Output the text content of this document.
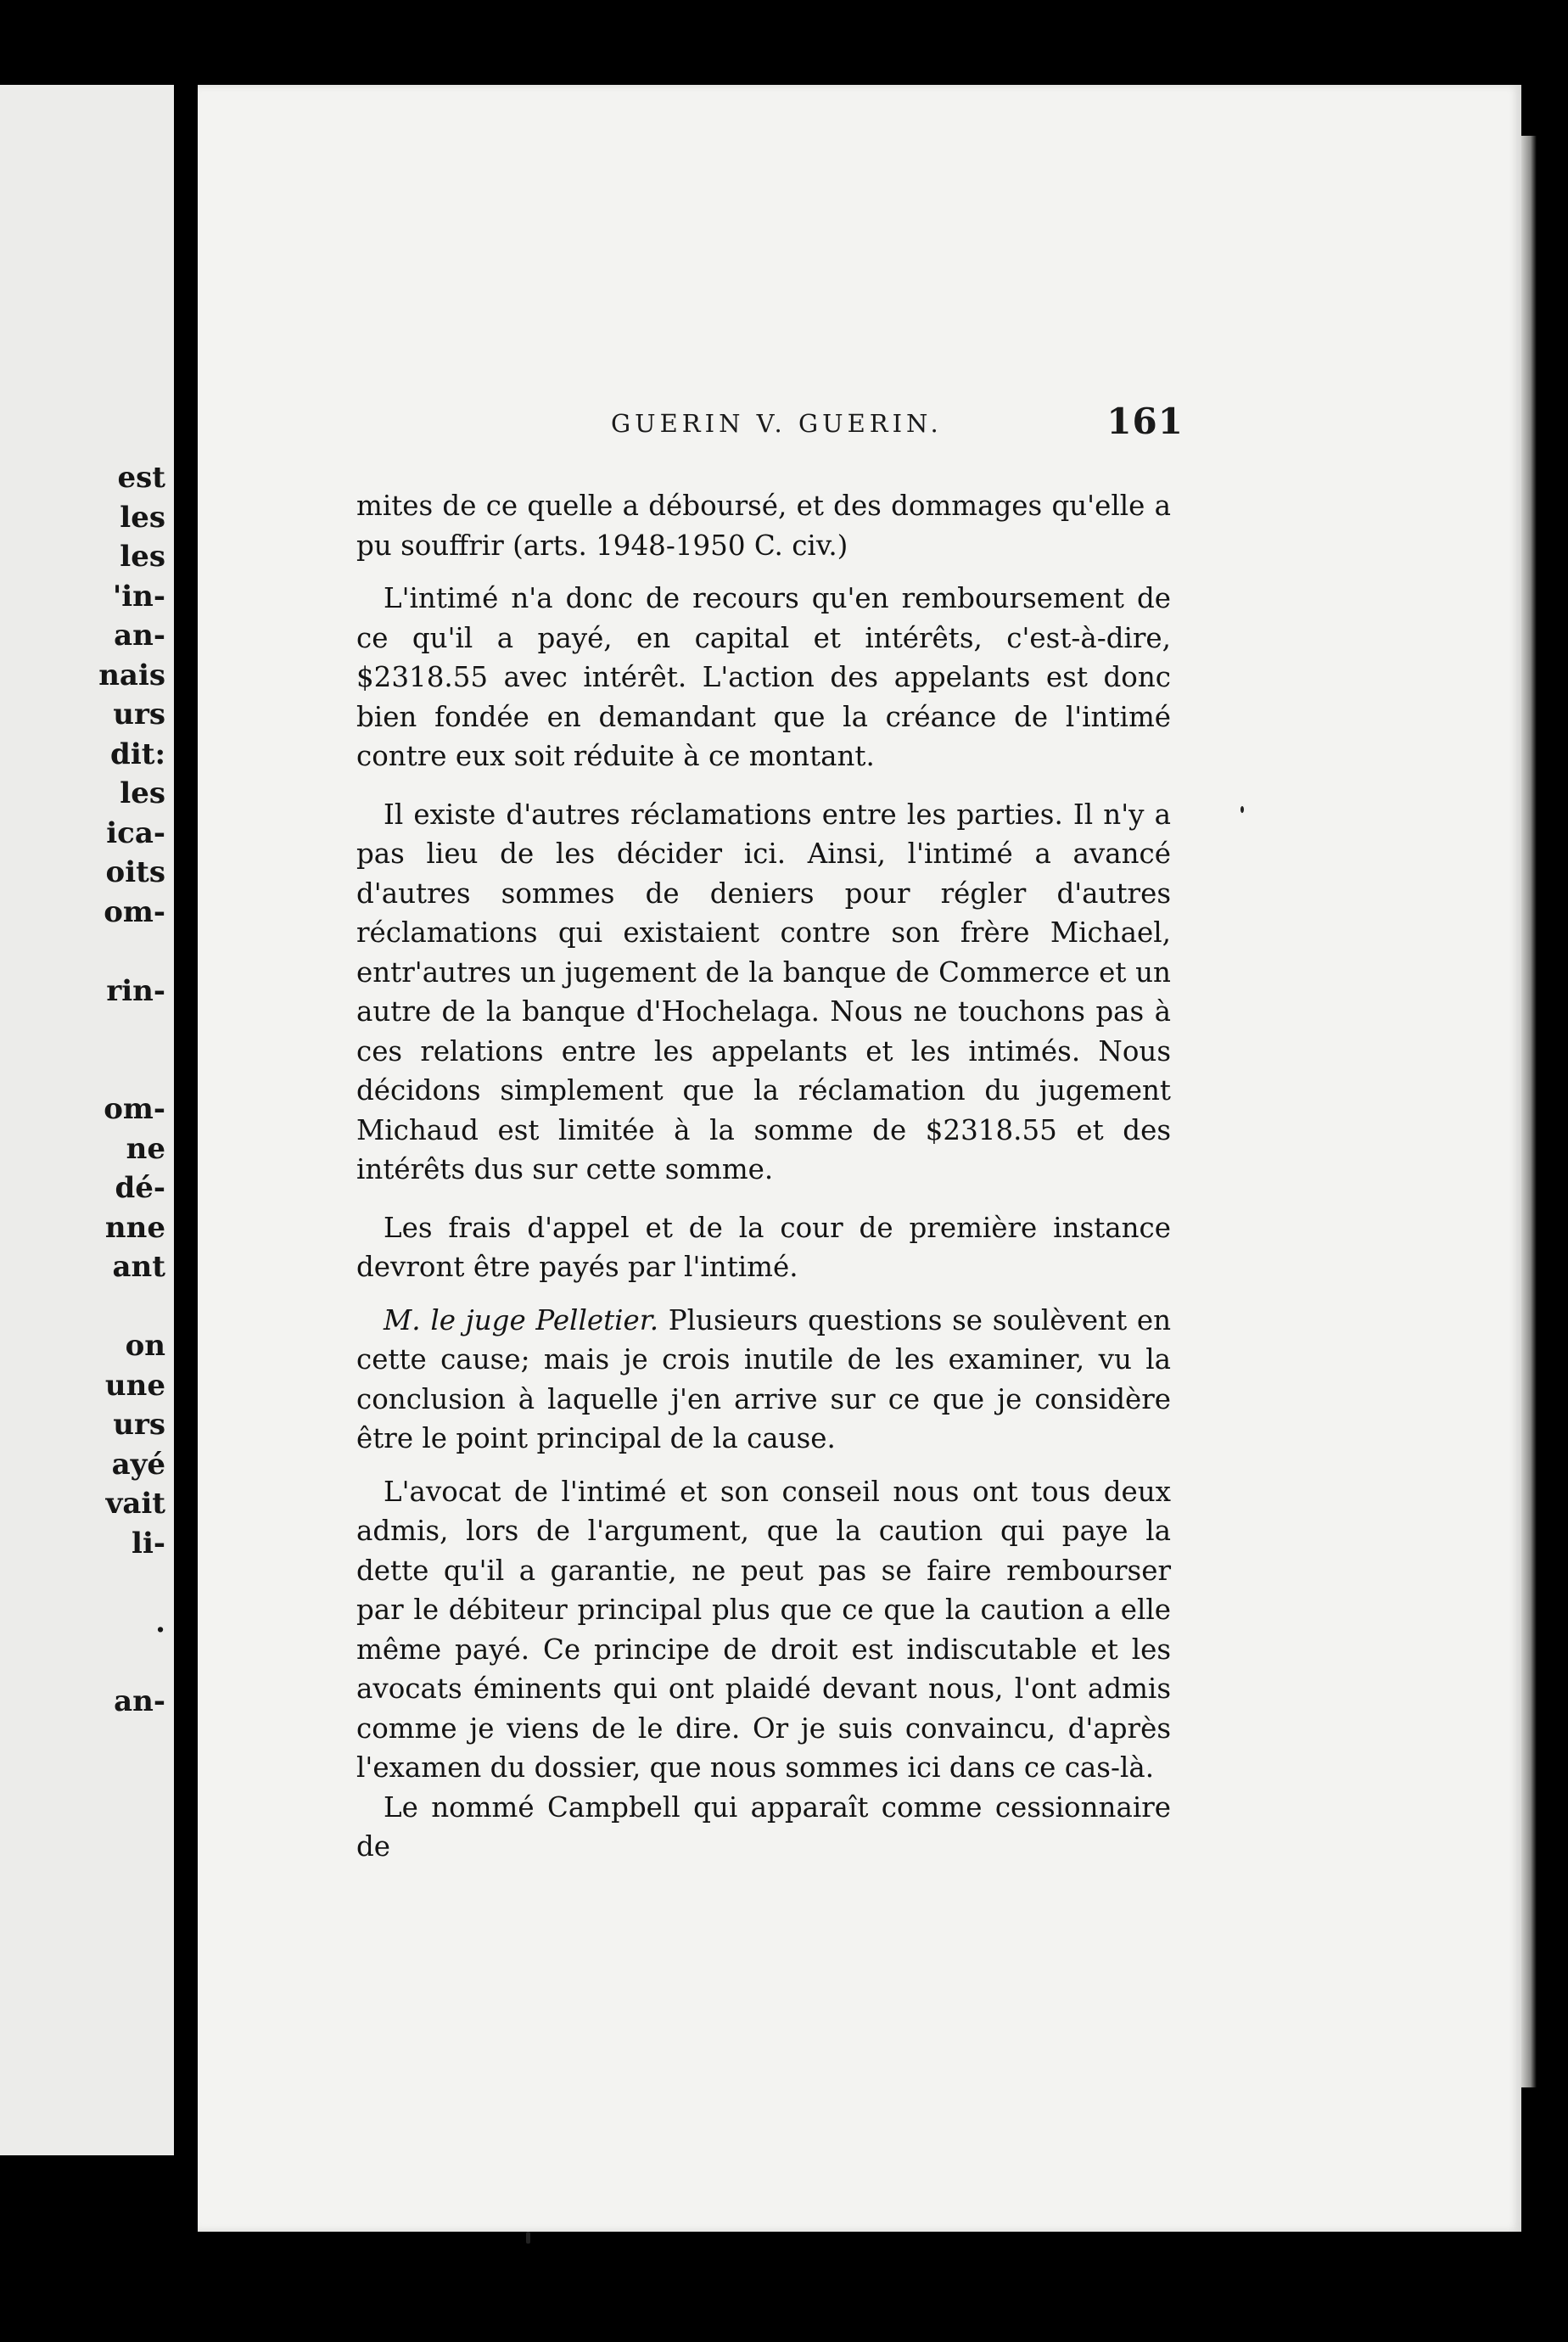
est
les
les
'in-
an-
nais
urs
dit:
les
ica-
oits
om-
rin-
om-
ne
dé-
nne
ant
on
une
urs
ayé
vait
li-
.
an-
GUERIN V. GUERIN.	161

mites de ce quelle a déboursé, et des dommages qu'elle a pu souffrir (arts. 1948-1950 C. civ.)

L'intimé n'a donc de recours qu'en remboursement de ce qu'il a payé, en capital et intérêts, c'est-à-dire, $2318.55 avec intérêt. L'action des appelants est donc bien fondée en demandant que la créance de l'intimé contre eux soit réduite à ce montant.

Il existe d'autres réclamations entre les parties. Il n'y a pas lieu de les décider ici. Ainsi, l'intimé a avancé d'autres sommes de deniers pour régler d'autres réclamations qui existaient contre son frère Michael, entr'autres un jugement de la banque de Commerce et un autre de la banque d'Hochelaga. Nous ne touchons pas à ces relations entre les appelants et les intimés. Nous décidons simplement que la réclamation du jugement Michaud est limitée à la somme de $2318.55 et des intérêts dus sur cette somme.

Les frais d'appel et de la cour de première instance devront être payés par l'intimé.

M. le juge Pelletier. Plusieurs questions se soulèvent en cette cause; mais je crois inutile de les examiner, vu la conclusion à laquelle j'en arrive sur ce que je considère être le point principal de la cause.

L'avocat de l'intimé et son conseil nous ont tous deux admis, lors de l'argument, que la caution qui paye la dette qu'il a garantie, ne peut pas se faire rembourser par le débiteur principal plus que ce que la caution a elle même payé. Ce principe de droit est indiscutable et les avocats éminents qui ont plaidé devant nous, l'ont admis comme je viens de le dire. Or je suis convaincu, d'après l'examen du dossier, que nous sommes ici dans ce cas-là.

Le nommé Campbell qui apparaît comme cessionnaire de
